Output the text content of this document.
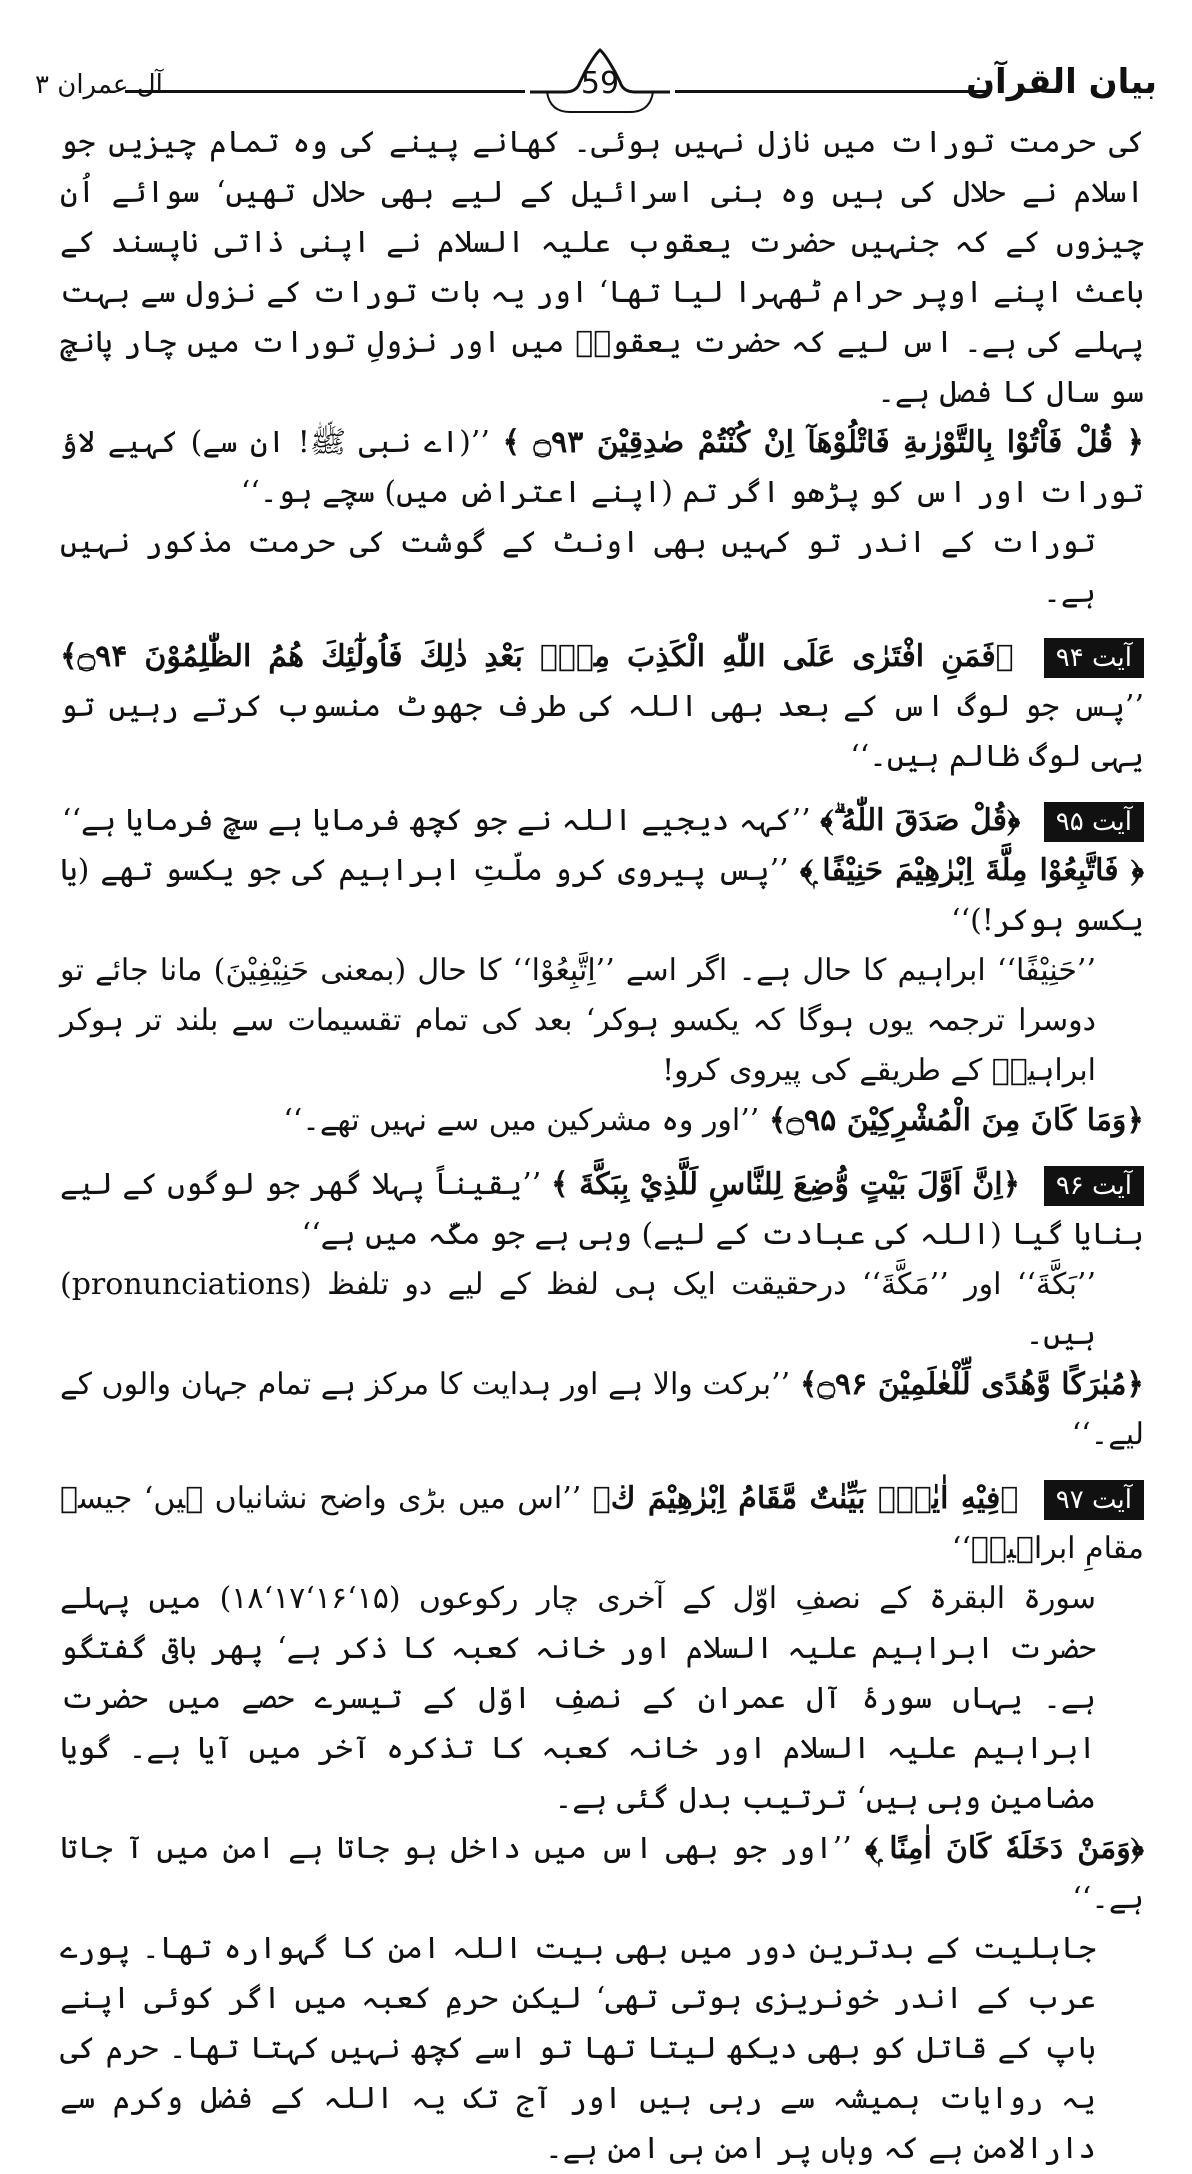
59	بیان القرآن
آل عمران ۳

کی حرمت تورات میں نازل نہیں ہوئی۔ کھانے پینے کی وہ تمام چیزیں جو اسلام نے حلال کی ہیں وہ بنی اسرائیل کے لیے بھی حلال تھیں‘ سوائے اُن چیزوں کے کہ جنہیں حضرت یعقوب علیہ السلام نے اپنی ذاتی ناپسند کے باعث اپنے اوپر حرام ٹھہرا لیا تھا‘ اور یہ بات تورات کے نزول سے بہت پہلے کی ہے۔ اس لیے کہ حضرت یعقوبؑ میں اور نزولِ تورات میں چار پانچ سو سال کا فصل ہے۔

﴿ قُلْ فَاْتُوْا بِالتَّوْرٰىةِ فَاتْلُوْهَآ اِنْ كُنْتُمْ صٰدِقِيْنَ ۝۹۳ ﴾ ’’(اے نبی ﷺ! ان سے) کہیے لاؤ تورات اور اس کو پڑھو اگر تم (اپنے اعتراض میں) سچے ہو۔‘‘

تورات کے اندر تو کہیں بھی اونٹ کے گوشت کی حرمت مذکور نہیں ہے۔

آیت ۹۴ ﴿فَمَنِ افْتَرٰى عَلَى اللّٰهِ الْكَذِبَ مِنْۢ بَعْدِ ذٰلِكَ فَاُولٰٓئِكَ هُمُ الظّٰلِمُوْنَ ۝۹۴﴾ ’’پس جو لوگ اس کے بعد بھی اللہ کی طرف جھوٹ منسوب کرتے رہیں تو یہی لوگ ظالم ہیں۔‘‘

آیت ۹۵ ﴿قُلْ صَدَقَ اللّٰهُ ۗ﴾ ’’کہہ دیجیے اللہ نے جو کچھ فرمایا ہے سچ فرمایا ہے‘‘

﴿ فَاتَّبِعُوْا مِلَّةَ اِبْرٰهِيْمَ حَنِيْفًا ۭ﴾ ’’پس پیروی کرو ملّتِ ابراہیم کی جو یکسو تھے (یا یکسو ہوکر!)‘‘

’’حَنِيْفًا‘‘ ابراہیم کا حال ہے۔ اگر اسے ’’اِتَّبِعُوْا‘‘ کا حال (بمعنی حَنِيْفِيْنَ) مانا جائے تو دوسرا ترجمہ یوں ہوگا کہ یکسو ہوکر‘ بعد کی تمام تقسیمات سے بلند تر ہوکر ابراہیمؑ کے طریقے کی پیروی کرو!

﴿وَمَا كَانَ مِنَ الْمُشْرِكِيْنَ ۝۹۵﴾ ’’اور وہ مشرکین میں سے نہیں تھے۔‘‘

آیت ۹۶ ﴿اِنَّ اَوَّلَ بَيْتٍ وُّضِعَ لِلنَّاسِ لَلَّذِيْ بِبَكَّةَ ﴾ ’’یقیناً پہلا گھر جو لوگوں کے لیے بنایا گیا (اللہ کی عبادت کے لیے) وہی ہے جو مکّہ میں ہے‘‘

’’بَكَّةَ‘‘ اور ’’مَكَّةَ‘‘ درحقیقت ایک ہی لفظ کے لیے دو تلفظ (pronunciations) ہیں۔

﴿مُبٰرَكًا وَّهُدًى لِّلْعٰلَمِيْنَ ۝۹۶﴾ ’’برکت والا ہے اور ہدایت کا مرکز ہے تمام جہان والوں کے لیے۔‘‘

آیت ۹۷ ﴿فِيْهِ اٰيٰتٌۢ بَيِّنٰتٌ مَّقَامُ اِبْرٰهِيْمَ ڬ﴾ ’’اس میں بڑی واضح نشانیاں ہیں‘ جیسے مقامِ ابراہیمؑ‘‘

سورۃ البقرۃ کے نصفِ اوّل کے آخری چار رکوعوں (۱۵‘۱۶‘۱۷‘۱۸) میں پہلے حضرت ابراہیم علیہ السلام اور خانہ کعبہ کا ذکر ہے‘ پھر باقی گفتگو ہے۔ یہاں سورۂ آل عمران کے نصفِ اوّل کے تیسرے حصے میں حضرت ابراہیم علیہ السلام اور خانہ کعبہ کا تذکرہ آخر میں آیا ہے۔ گویا مضامین وہی ہیں‘ ترتیب بدل گئی ہے۔

﴿وَمَنْ دَخَلَهٗ كَانَ اٰمِنًا ۭ﴾ ’’اور جو بھی اس میں داخل ہو جاتا ہے امن میں آ جاتا ہے۔‘‘

جاہلیت کے بدترین دور میں بھی بیت اللہ امن کا گہوارہ تھا۔ پورے عرب کے اندر خونریزی ہوتی تھی‘ لیکن حرمِ کعبہ میں اگر کوئی اپنے باپ کے قاتل کو بھی دیکھ لیتا تھا تو اسے کچھ نہیں کہتا تھا۔ حرم کی یہ روایات ہمیشہ سے رہی ہیں اور آج تک یہ اللہ کے فضل وکرم سے دارالامن ہے کہ وہاں پر امن ہی امن ہے۔
